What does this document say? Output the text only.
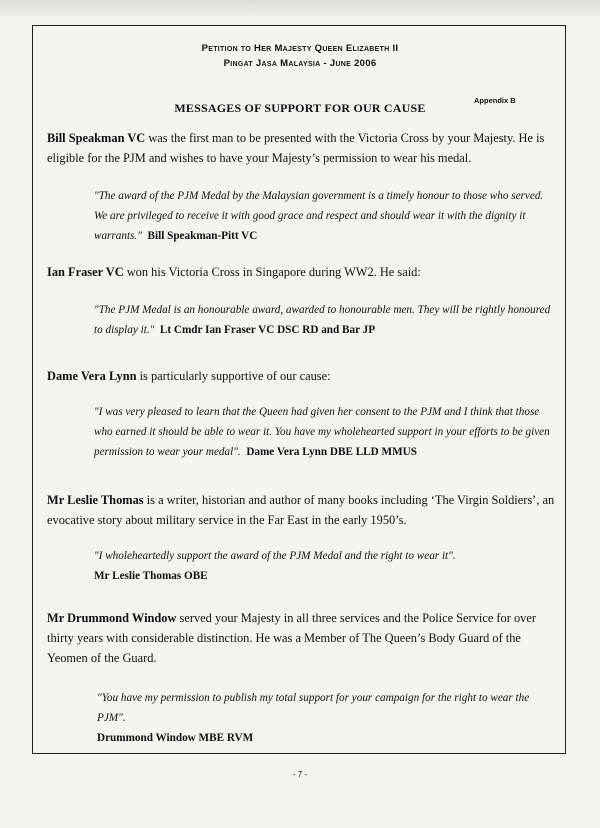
Petition to Her Majesty Queen Elizabeth II
Pingat Jasa Malaysia - June 2006
Appendix B
MESSAGES OF SUPPORT FOR OUR CAUSE
Bill Speakman VC was the first man to be presented with the Victoria Cross by your Majesty. He is eligible for the PJM and wishes to have your Majesty’s permission to wear his medal.
"The award of the PJM Medal by the Malaysian government is a timely honour to those who served. We are privileged to receive it with good grace and respect and should wear it with the dignity it warrants." Bill Speakman-Pitt VC
Ian Fraser VC won his Victoria Cross in Singapore during WW2. He said:
"The PJM Medal is an honourable award, awarded to honourable men. They will be rightly honoured to display it." Lt Cmdr Ian Fraser VC DSC RD and Bar JP
Dame Vera Lynn is particularly supportive of our cause:
"I was very pleased to learn that the Queen had given her consent to the PJM and I think that those who earned it should be able to wear it. You have my wholehearted support in your efforts to be given permission to wear your medal". Dame Vera Lynn DBE LLD MMUS
Mr Leslie Thomas is a writer, historian and author of many books including ‘The Virgin Soldiers’, an evocative story about military service in the Far East in the early 1950’s.
"I wholeheartedly support the award of the PJM Medal and the right to wear it".
Mr Leslie Thomas OBE
Mr Drummond Window served your Majesty in all three services and the Police Service for over thirty years with considerable distinction. He was a Member of The Queen’s Body Guard of the Yeomen of the Guard.
"You have my permission to publish my total support for your campaign for the right to wear the PJM".
Drummond Window MBE RVM
- 7 -
